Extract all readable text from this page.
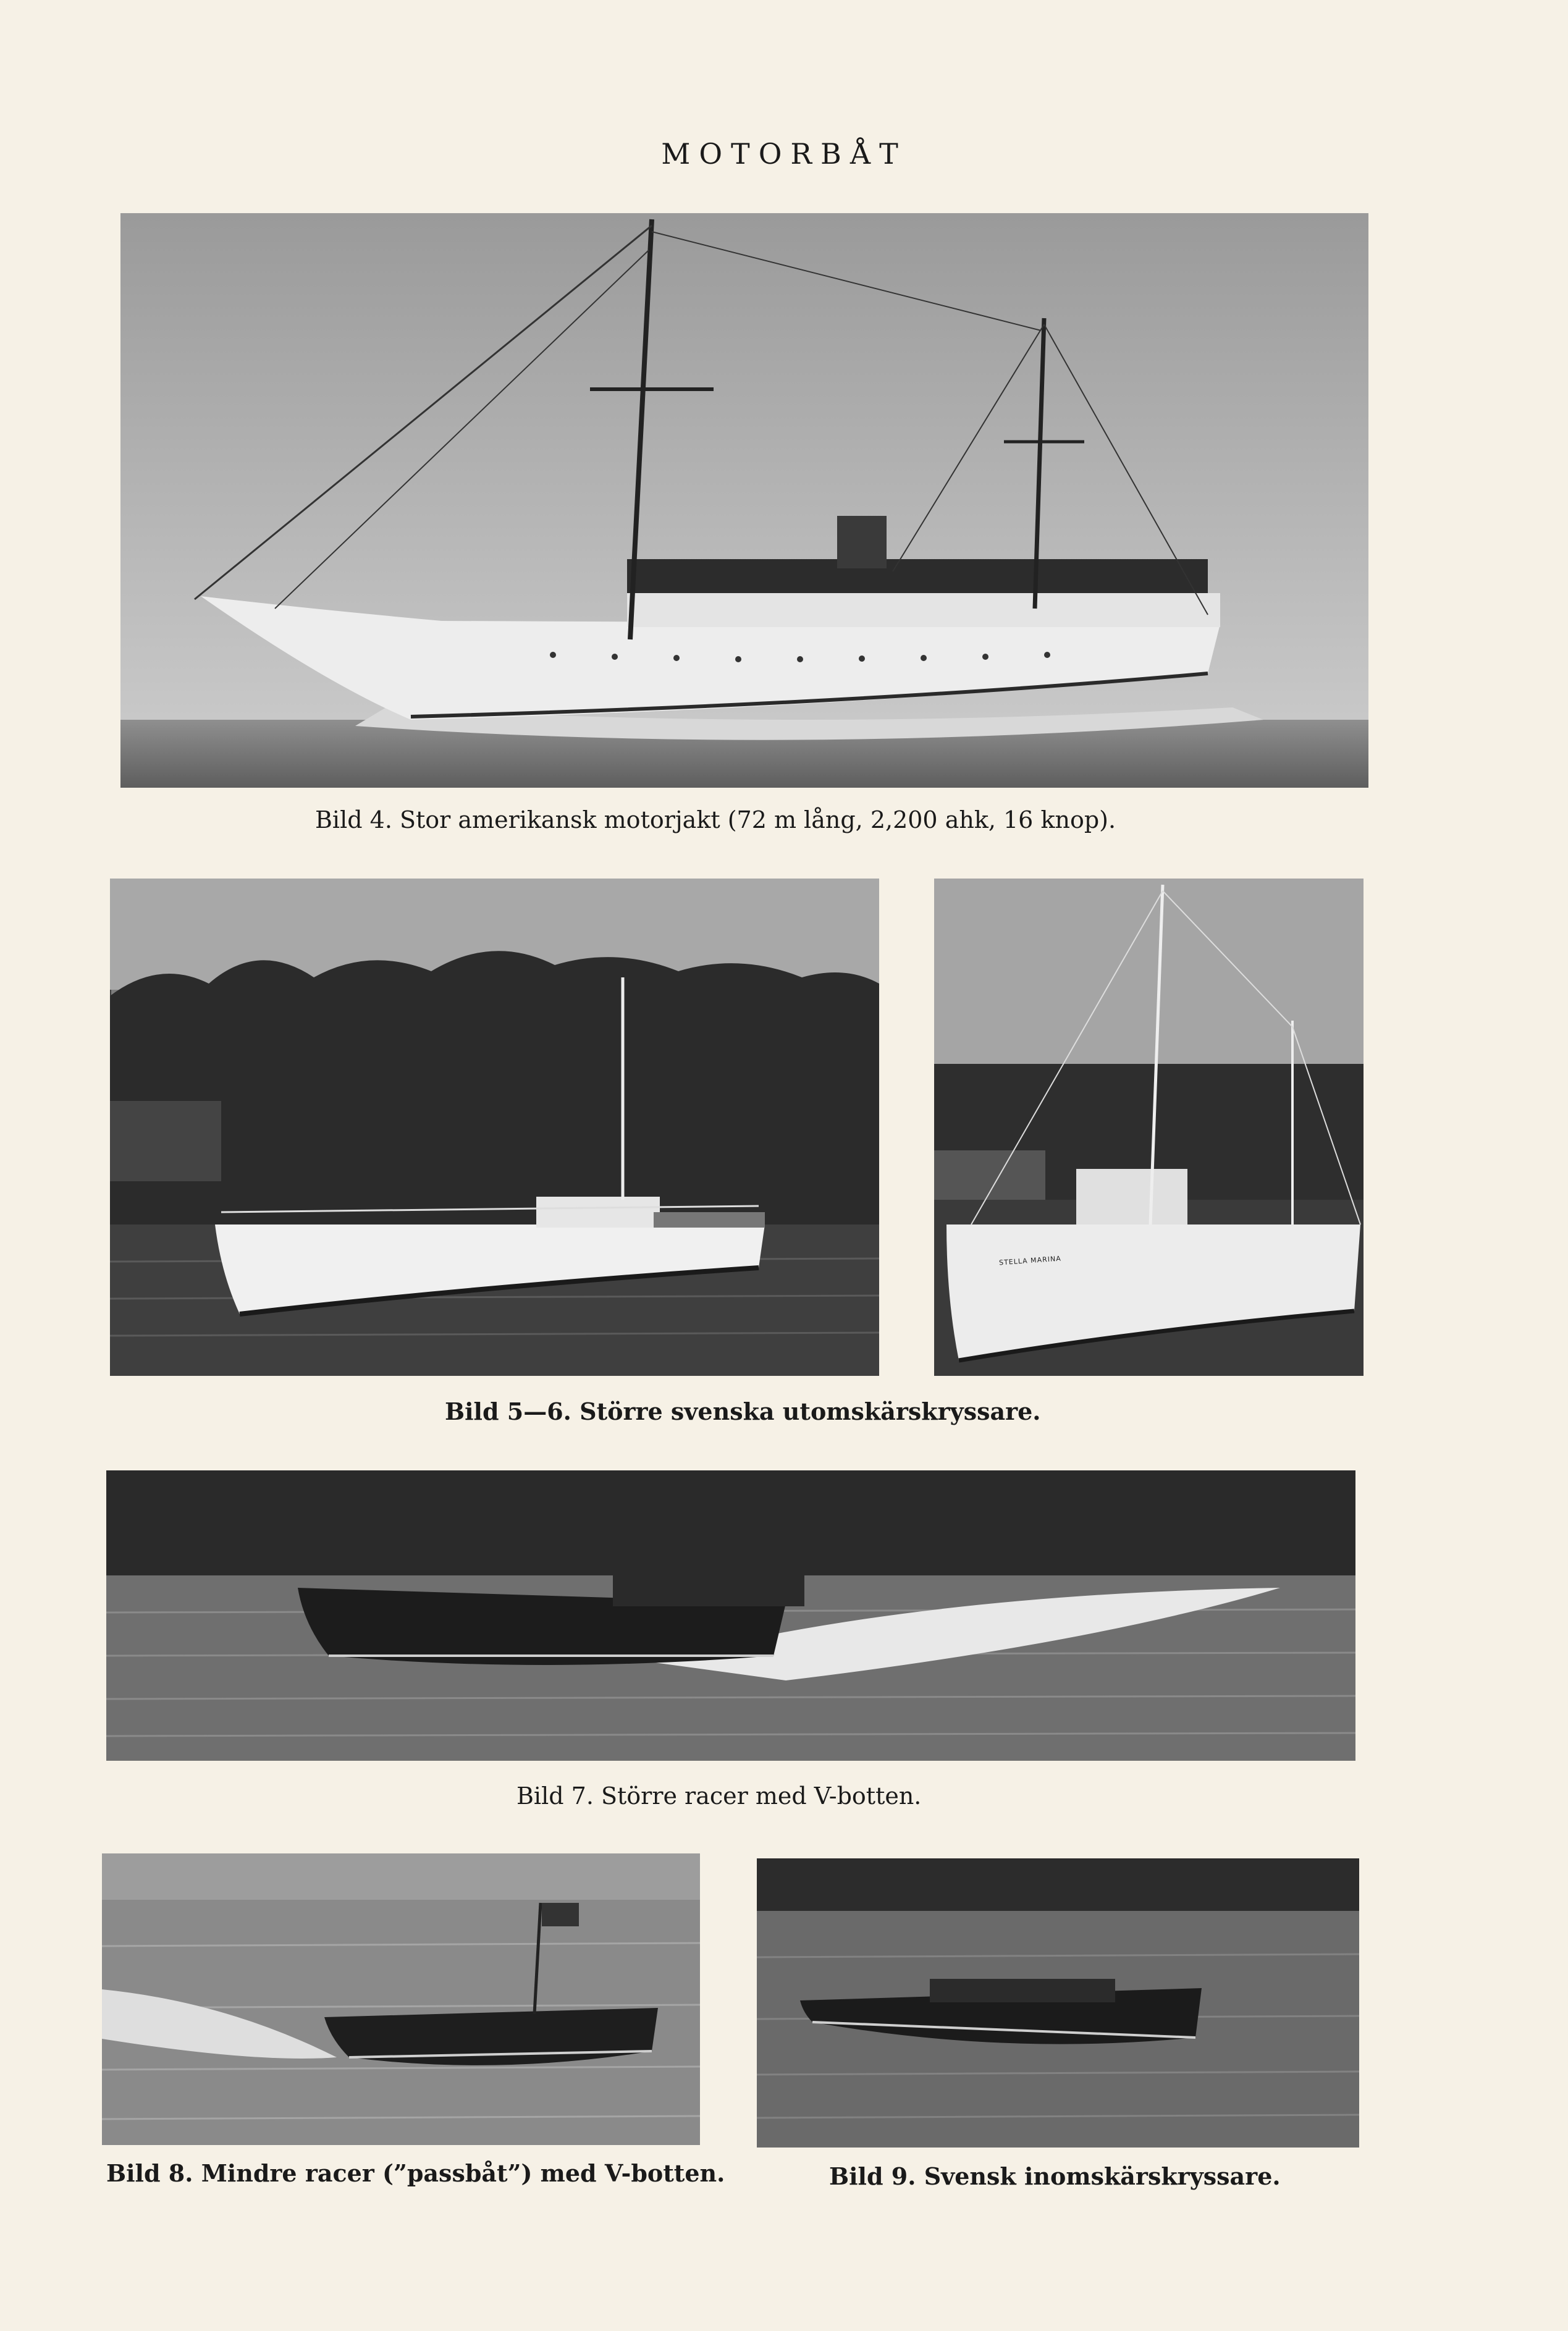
MOTORBÅT
Bild 4. Stor amerikansk motorjakt (72 m lång, 2,200 ahk, 16 knop).
STELLA MARINA
Bild 5—6. Större svenska utomskärskryssare.
Bild 7. Större racer med V-botten.
Bild 8. Mindre racer (”passbåt”) med V-botten.	Bild 9. Svensk inomskärskryssare.
